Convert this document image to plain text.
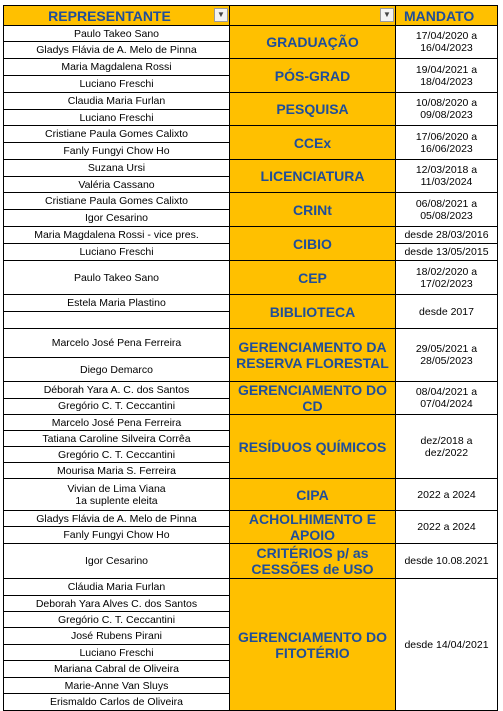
REPRESENTANTE ▼	▼	MANDATO
Paulo Takeo Sano	GRADUAÇÃO	17/04/2020 a
16/04/2023

Gladys Flávia de A. Melo de Pinna		
Maria Magdalena Rossi	PÓS-GRAD	19/04/2021 a
18/04/2023

Luciano Freschi		
Claudia Maria Furlan	PESQUISA	10/08/2020 a
09/08/2023

Luciano Freschi		
Cristiane Paula Gomes Calixto	CCEx	17/06/2020 a
16/06/2023

Fanly Fungyi Chow Ho		
Suzana Ursi	LICENCIATURA	12/03/2018 a
11/03/2024

Valéria Cassano		
Cristiane Paula Gomes Calixto	CRINt	06/08/2021 a
05/08/2023

Igor Cesarino		
Maria Magdalena Rossi - vice pres.	CIBIO	desde 28/03/2016
Luciano Freschi		desde 13/05/2015
Paulo Takeo Sano	CEP	18/02/2020 a
17/02/2023

Estela Maria Plastino	BIBLIOTECA	desde 2017

Marcelo José Pena Ferreira	GERENCIAMENTO DA RESERVA FLORESTAL	29/05/2021 a
28/05/2023

Diego Demarco		
Déborah Yara A. C. dos Santos	GERENCIAMENTO DO CD	08/04/2021 a
07/04/2024

Gregório C. T. Ceccantini		
Marcelo José Pena Ferreira	RESÍDUOS QUÍMICOS	dez/2018 a
dez/2022

Tatiana Caroline Silveira Corrêa		
Gregório C. T. Ceccantini		
Mourisa Maria S. Ferreira		
Vivian de Lima Viana
1a suplente eleita	CIPA	2022 a 2024

Gladys Flávia de A. Melo de Pinna	ACHOLHIMENTO E APOIO	2022 a 2024

Fanly Fungyi Chow Ho		
Igor Cesarino	CRITÉRIOS p/ as CESSÕES de USO	desde 10.08.2021

Cláudia Maria Furlan	GERENCIAMENTO DO FITOTÉRIO	desde 14/04/2021

Deborah Yara Alves C. dos Santos		
Gregório C. T. Ceccantini		
José Rubens Pirani		
Luciano Freschi		
Mariana Cabral de Oliveira		
Marie-Anne Van Sluys		
Erismaldo Carlos de Oliveira		
